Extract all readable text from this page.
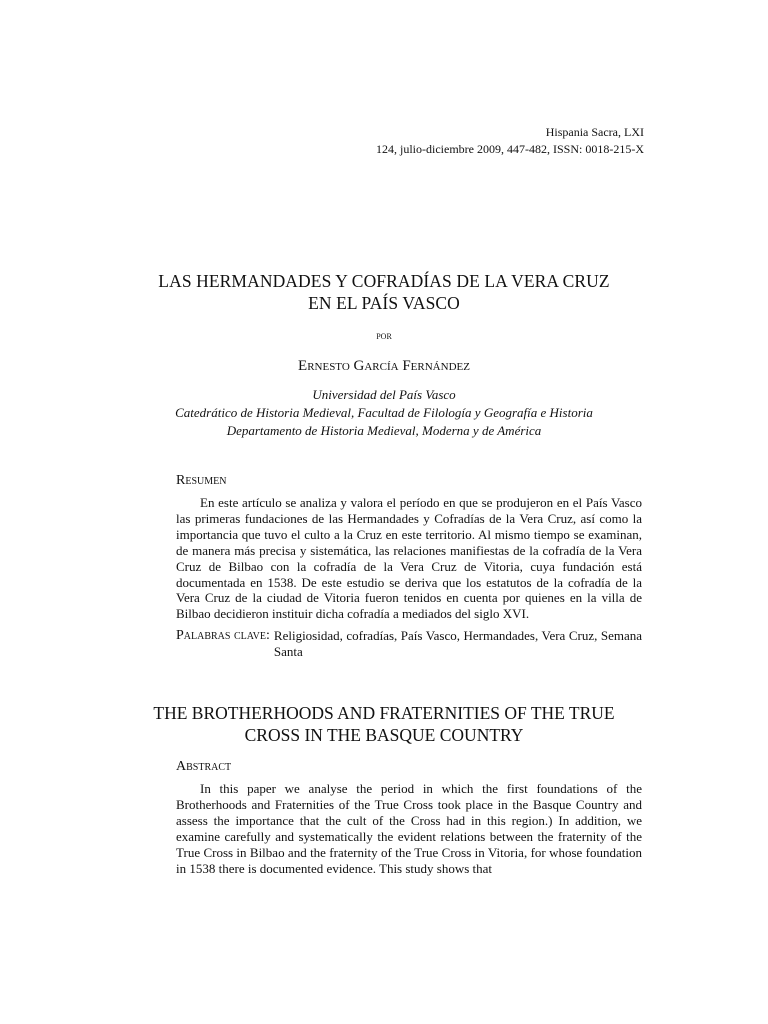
Hispania Sacra, LXI
124, julio-diciembre 2009, 447-482, ISSN: 0018-215-X
LAS HERMANDADES Y COFRADÍAS DE LA VERA CRUZ
EN EL PAÍS VASCO
por
Ernesto García Fernández
Universidad del País Vasco
Catedrático de Historia Medieval, Facultad de Filología y Geografía e Historia
Departamento de Historia Medieval, Moderna y de América
Resumen
En este artículo se analiza y valora el período en que se produjeron en el País Vasco las primeras fundaciones de las Hermandades y Cofradías de la Vera Cruz, así como la importancia que tuvo el culto a la Cruz en este territorio. Al mismo tiempo se examinan, de manera más precisa y sistemática, las relaciones manifiestas de la cofradía de la Vera Cruz de Bilbao con la cofradía de la Vera Cruz de Vitoria, cuya fundación está documentada en 1538. De este estudio se deriva que los estatutos de la cofradía de la Vera Cruz de la ciudad de Vitoria fueron tenidos en cuenta por quienes en la villa de Bilbao decidieron instituir dicha cofradía a mediados del siglo XVI.
Palabras clave: Religiosidad, cofradías, País Vasco, Hermandades, Vera Cruz, Semana Santa
THE BROTHERHOODS AND FRATERNITIES OF THE TRUE
CROSS IN THE BASQUE COUNTRY
Abstract
In this paper we analyse the period in which the first foundations of the Brotherhoods and Fraternities of the True Cross took place in the Basque Country and assess the importance that the cult of the Cross had in this region.) In addition, we examine carefully and systematically the evident relations between the fraternity of the True Cross in Bilbao and the fraternity of the True Cross in Vitoria, for whose foundation in 1538 there is documented evidence. This study shows that
